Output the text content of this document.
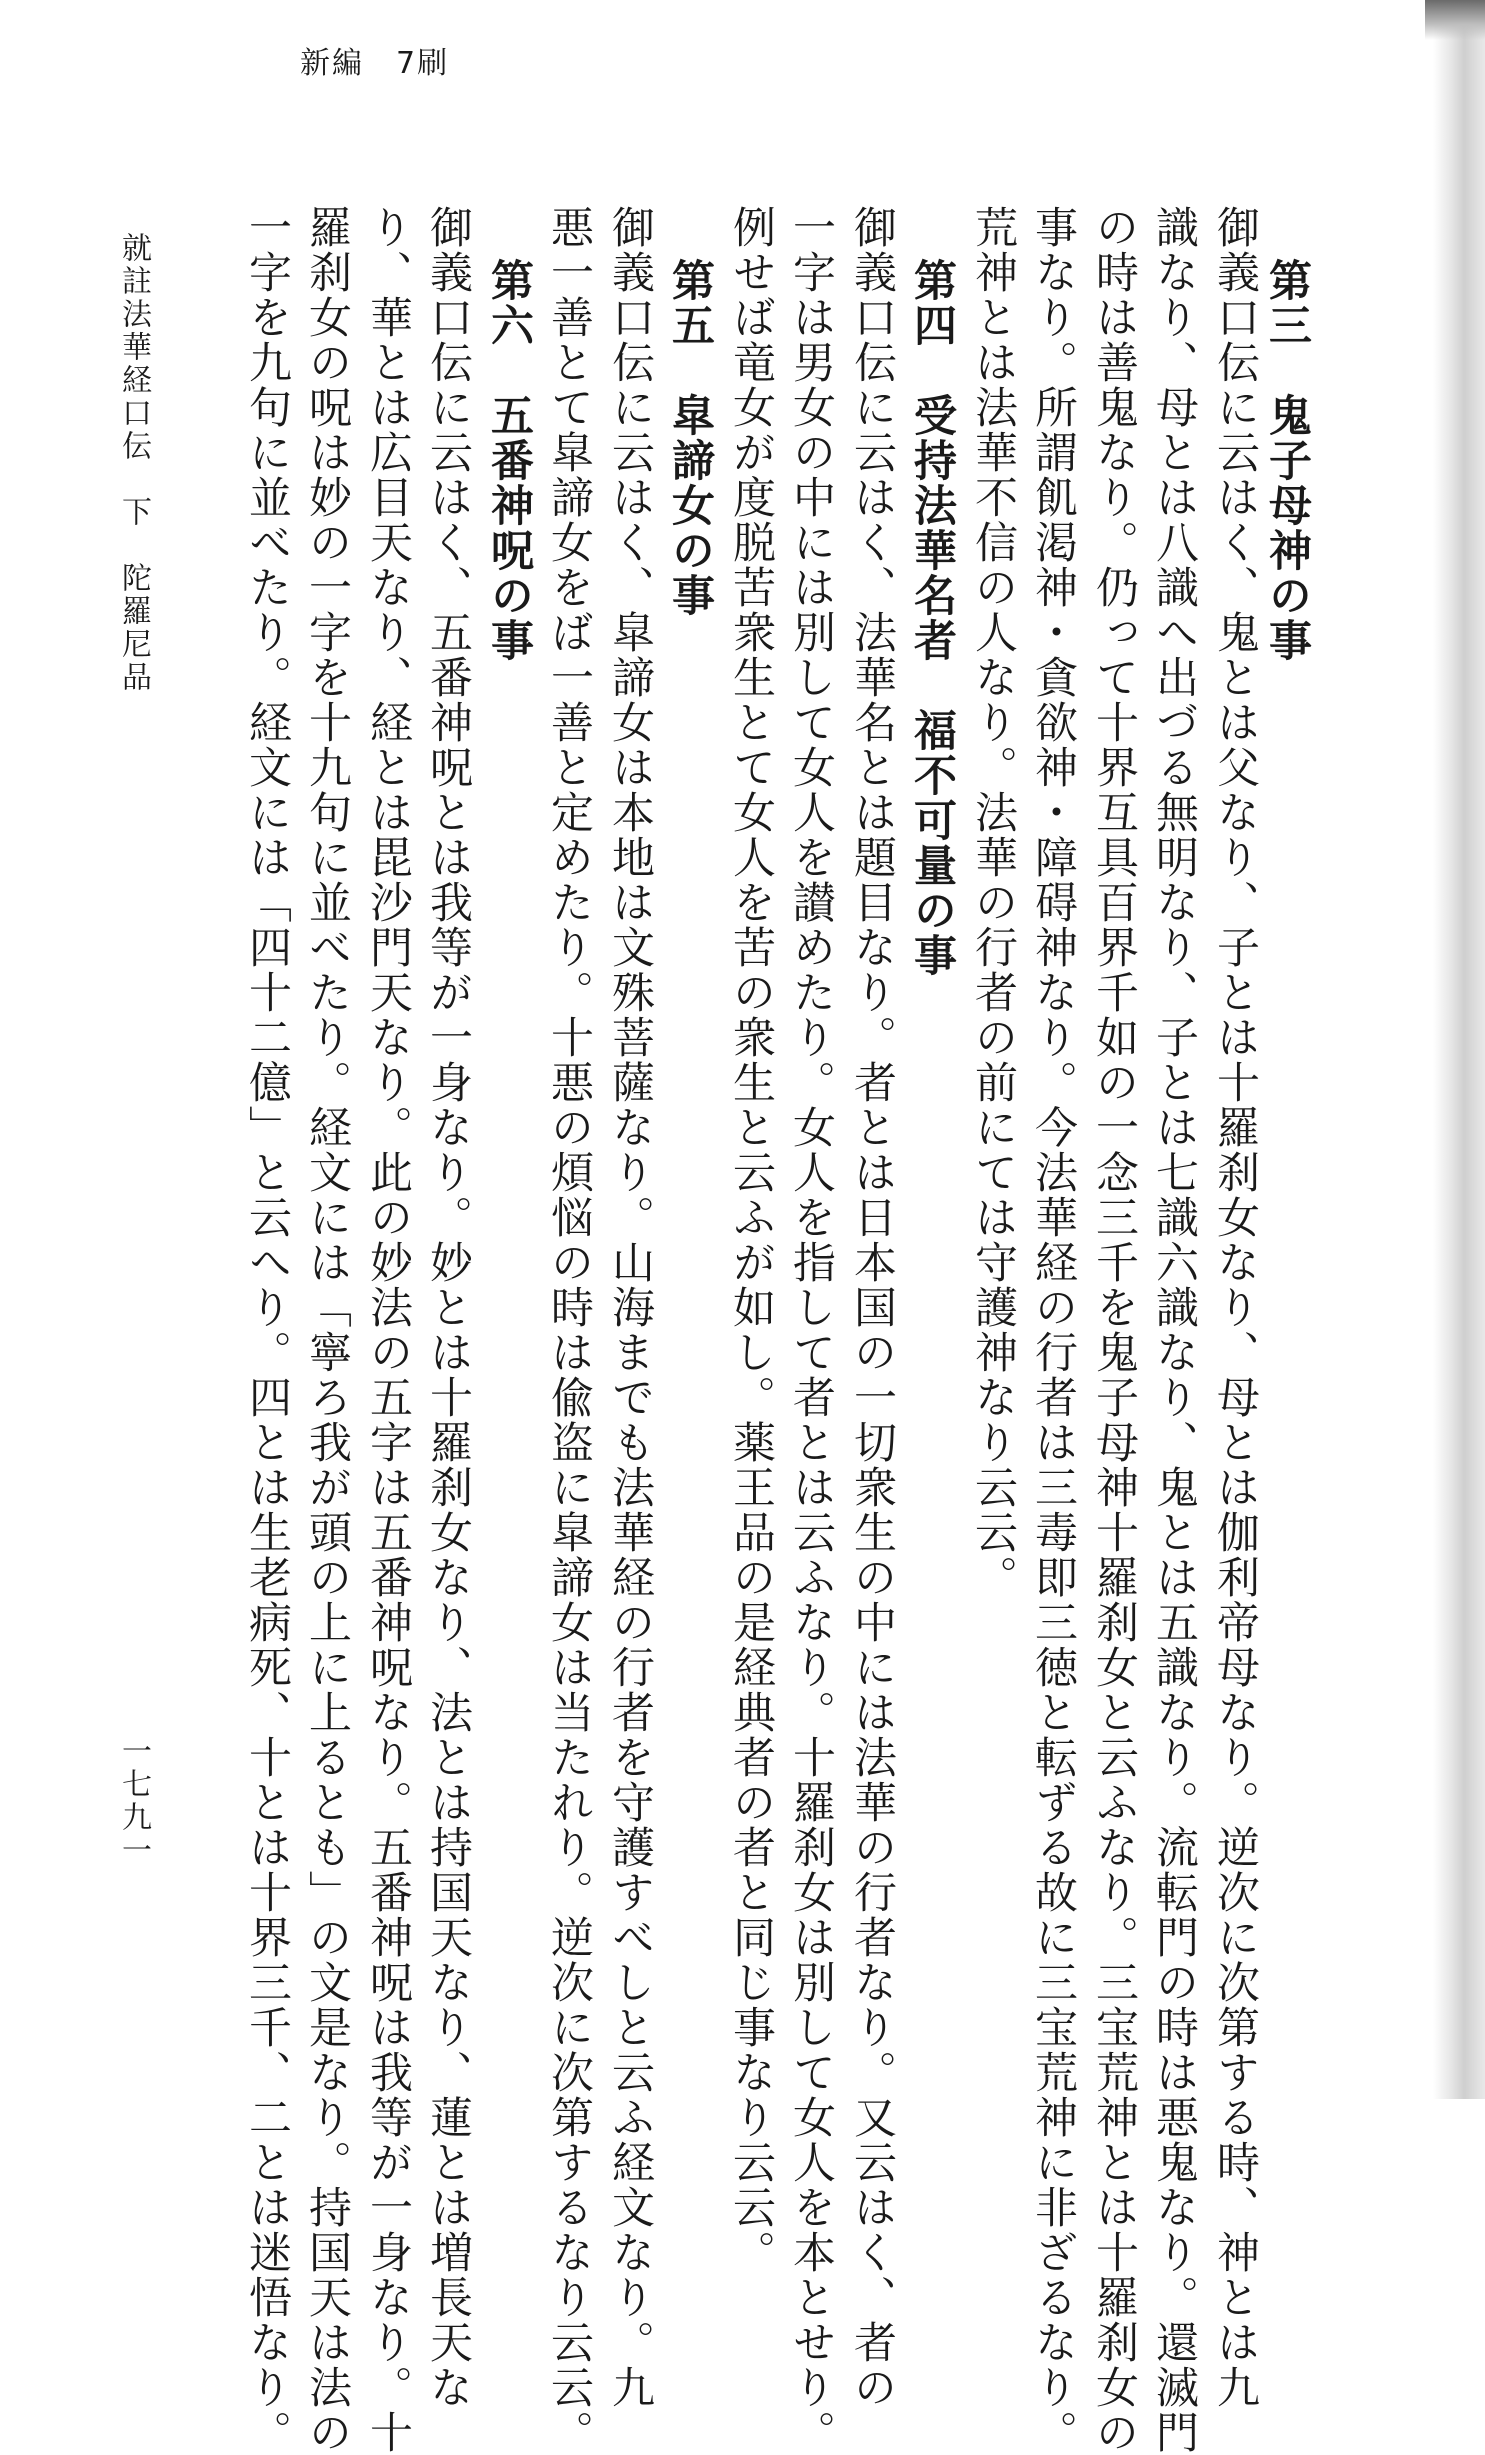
新編　7刷
第三　鬼子母神の事
御義口伝に云はく、鬼とは父なり、子とは十羅刹女なり、母とは伽利帝母なり。逆次に次第する時、神とは九
識なり、母とは八識へ出づる無明なり、子とは七識六識なり、鬼とは五識なり。流転門の時は悪鬼なり。還滅門
の時は善鬼なり。仍って十界互具百界千如の一念三千を鬼子母神十羅刹女と云ふなり。三宝荒神とは十羅刹女の
事なり。所謂飢渇神・貪欲神・障碍神なり。今法華経の行者は三毒即三徳と転ずる故に三宝荒神に非ざるなり。
荒神とは法華不信の人なり。法華の行者の前にては守護神なり云云。
第四　受持法華名者　福不可量の事
御義口伝に云はく、法華名とは題目なり。者とは日本国の一切衆生の中には法華の行者なり。又云はく、者の
一字は男女の中には別して女人を讃めたり。女人を指して者とは云ふなり。十羅刹女は別して女人を本とせり。
例せば竜女が度脱苦衆生とて女人を苦の衆生と云ふが如し。薬王品の是経典者の者と同じ事なり云云。
第五　皐諦女の事
御義口伝に云はく、皐諦女は本地は文殊菩薩なり。山海までも法華経の行者を守護すべしと云ふ経文なり。九
悪一善とて皐諦女をば一善と定めたり。十悪の煩悩の時は偸盗に皐諦女は当たれり。逆次に次第するなり云云。
第六　五番神呪の事
御義口伝に云はく、五番神呪とは我等が一身なり。妙とは十羅刹女なり、法とは持国天なり、蓮とは増長天な
り、華とは広目天なり、経とは毘沙門天なり。此の妙法の五字は五番神呪なり。五番神呪は我等が一身なり。十
羅刹女の呪は妙の一字を十九句に並べたり。経文には「寧ろ我が頭の上に上るとも」の文是なり。持国天は法の
一字を九句に並べたり。経文には「四十二億」と云へり。四とは生老病死、十とは十界三千、二とは迷悟なり。
就註法華経口伝　下　陀羅尼品
一七九一
